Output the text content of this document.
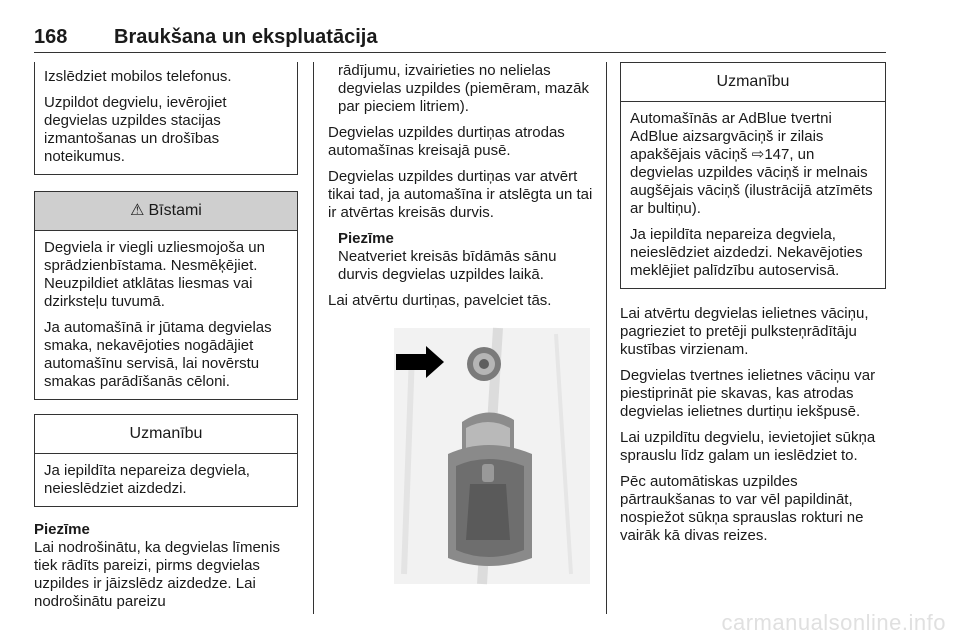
168 Braukšana un ekspluatācija

Izslēdziet mobilos telefonus.

Uzpildot degvielu, ievērojiet degvielas uzpildes stacijas izmantošanas un drošības noteikumus.

⚠ Bīstami

Degviela ir viegli uzliesmojoša un sprādzienbīstama. Nesmēķējiet. Neuzpildiet atklātas liesmas vai dzirksteļu tuvumā.

Ja automašīnā ir jūtama degvielas smaka, nekavējoties nogādājiet automašīnu servisā, lai novērstu smakas parādīšanās cēloni.

Uzmanību

Ja iepildīta nepareiza degviela, neieslēdziet aizdedzi.

Piezīme
Lai nodrošinātu, ka degvielas līmenis tiek rādīts pareizi, pirms degvielas uzpildes ir jāizslēdz aizdedze. Lai nodrošinātu pareizu

rādījumu, izvairieties no nelielas degvielas uzpildes (piemēram, mazāk par pieciem litriem).

Degvielas uzpildes durtiņas atrodas automašīnas kreisajā pusē.

Degvielas uzpildes durtiņas var atvērt tikai tad, ja automašīna ir atslēgta un tai ir atvērtas kreisās durvis.

Piezīme
Neatveriet kreisās bīdāmās sānu durvis degvielas uzpildes laikā.

Lai atvērtu durtiņas, pavelciet tās.

Uzmanību

Automašīnās ar AdBlue tvertni AdBlue aizsargvāciņš ir zilais apakšējais vāciņš ⇨147, un degvielas uzpildes vāciņš ir melnais augšējais vāciņš (ilustrācijā atzīmēts ar bultiņu).

Ja iepildīta nepareiza degviela, neieslēdziet aizdedzi. Nekavējoties meklējiet palīdzību autoservisā.

Lai atvērtu degvielas ielietnes vāciņu, pagrieziet to pretēji pulksteņrādītāju kustības virzienam.

Degvielas tvertnes ielietnes vāciņu var piestiprināt pie skavas, kas atrodas degvielas ielietnes durtiņu iekšpusē.

Lai uzpildītu degvielu, ievietojiet sūkņa sprauslu līdz galam un ieslēdziet to.

Pēc automātiskas uzpildes pārtraukšanas to var vēl papildināt, nospiežot sūkņa sprauslas rokturi ne vairāk kā divas reizes.

carmanualsonline.info
